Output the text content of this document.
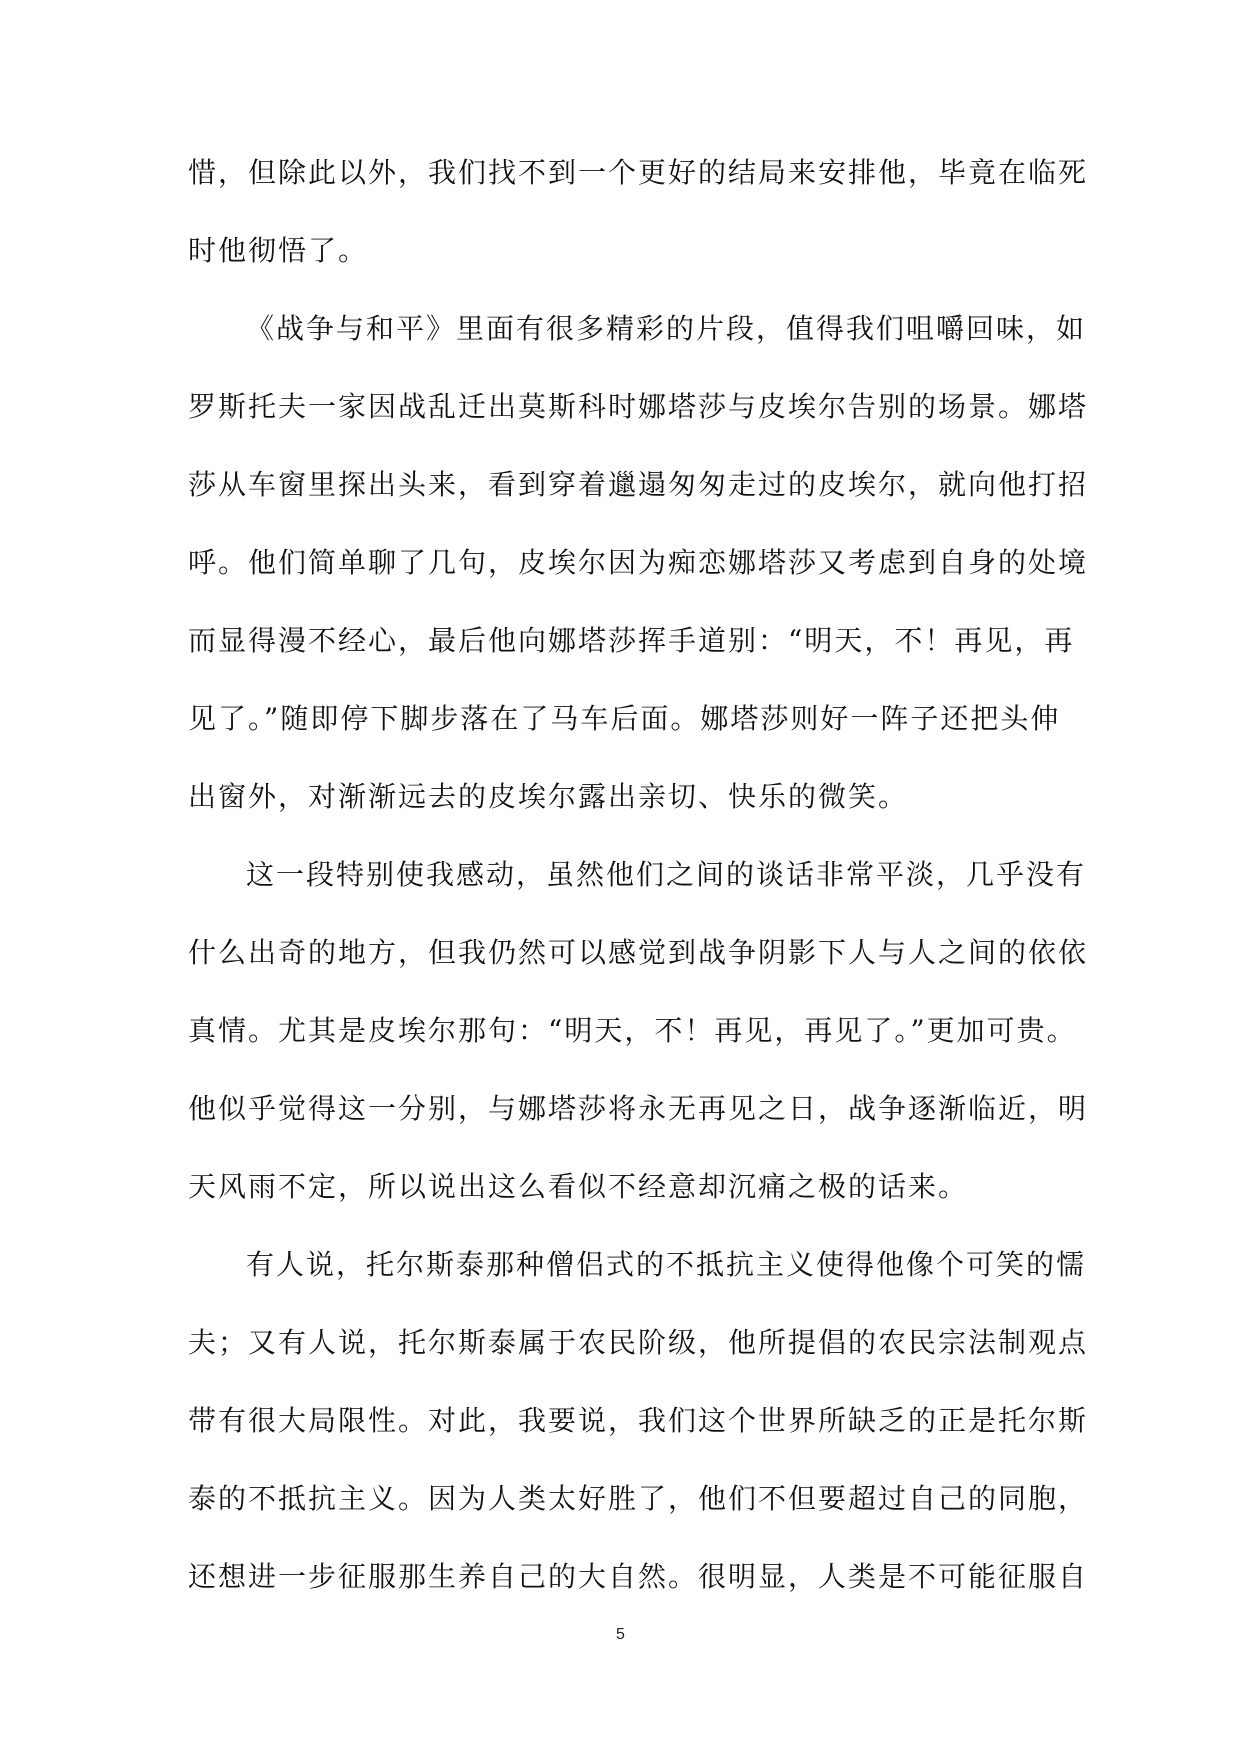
惜，但除此以外，我们找不到一个更好的结局来安排他，毕竟在临死
时他彻悟了。
《战争与和平》里面有很多精彩的片段，值得我们咀嚼回味，如
罗斯托夫一家因战乱迁出莫斯科时娜塔莎与皮埃尔告别的场景。娜塔
莎从车窗里探出头来，看到穿着邋遢匆匆走过的皮埃尔，就向他打招
呼。他们简单聊了几句，皮埃尔因为痴恋娜塔莎又考虑到自身的处境
而显得漫不经心，最后他向娜塔莎挥手道别：“明天，不！再见，再
见了。”随即停下脚步落在了马车后面。娜塔莎则好一阵子还把头伸
出窗外，对渐渐远去的皮埃尔露出亲切、快乐的微笑。
这一段特别使我感动，虽然他们之间的谈话非常平淡，几乎没有
什么出奇的地方，但我仍然可以感觉到战争阴影下人与人之间的依依
真情。尤其是皮埃尔那句：“明天，不！再见，再见了。”更加可贵。
他似乎觉得这一分别，与娜塔莎将永无再见之日，战争逐渐临近，明
天风雨不定，所以说出这么看似不经意却沉痛之极的话来。
有人说，托尔斯泰那种僧侣式的不抵抗主义使得他像个可笑的懦
夫；又有人说，托尔斯泰属于农民阶级，他所提倡的农民宗法制观点
带有很大局限性。对此，我要说，我们这个世界所缺乏的正是托尔斯
泰的不抵抗主义。因为人类太好胜了，他们不但要超过自己的同胞，
还想进一步征服那生养自己的大自然。很明显，人类是不可能征服自
5
